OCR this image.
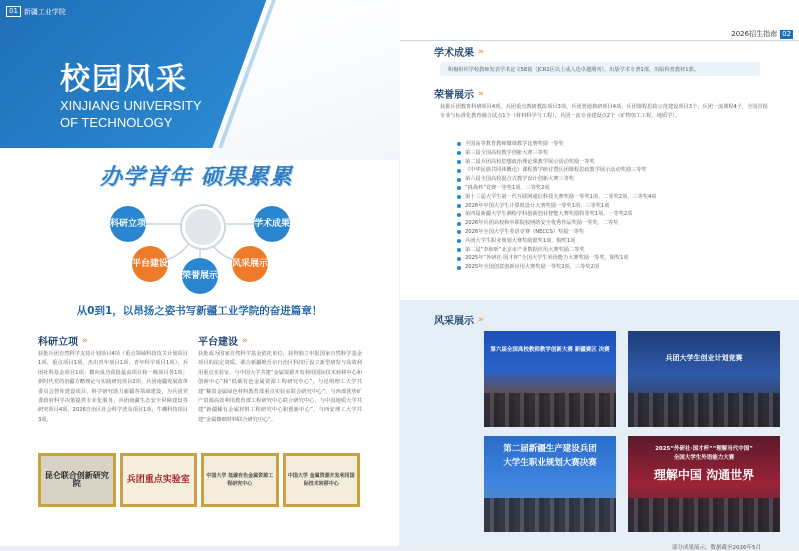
01 新疆工业学院
校园风采
XINJIANG UNIVERSITY
OF TECHNOLOGY
办学首年 硕果累累
科研立项	学术成果
平台建设
荣誉展示
风采展示
从0到1，以昂扬之姿书写新疆工业学院的奋进篇章！
科研立项 »
获批兵团自然科学支持计划项目4项（重点领域科技攻关计划项目1项、重点项目1项、杰出青年项目1项、青年科学项目1项）；兵团社科基金项目1项；横向成功获批最高项目和一级项目各1项；新时代党的治疆方略理论与实践研究项目2项；兵团南疆发展改革委员会智库建设项目，科学研究助力新疆各领域建设，为兵团党委政府科学决策提供专业化服务，兵团南疆生态安全屏障建设等研究项目4项，2026自治区社会科学普及项目1项，牛棚科技项目3项。
平台建设 »
获批成为国家自然科学基金依托单位，获得独立申报国家自然科学基金项目的法定资质。联合新疆维吾尔自治区科技厅设立新型研发与高效利用重点实验室，与中国大学共建“金属资源开发利用国际技术转移中心和创新中心”和“低碳有色金属资源工程研究中心”，与昆明理工大学共建“稀贵金属绿色材料教育部重点实验室联合研究中心”，与西部优势矿产资源高效利用教育部工程研究中心联合研究中心，与中国地质大学共建“新疆稀有金属材料工程研究中心和创新中心”，与西安理工大学共建“金属微细材料联合研究中心”。
昆仑联合创新研究院	兵团重点实验室	中国大学 低碳有色金属资源工程研究中心
中国大学 金属资源开发利用国际技术转移中心
2026招生指南 02
学术成果 »
积极组织学校教师发表学术论文58篇（JCR2区以上或入选卓越期刊），出版学术专著1部，出版科普教材1部。
荣誉展示 »
获批兵团教育科研项目4项，兵团重点教研教改项目3项，兵团普通教研项目4项，兵团课程思政示范建设项目3个，兵团一流课程4个，全国首批专业与标准化教育融合试点1个（材料科学与工程），兵团一流专业建设点2个（矿物加工工程、地质学）。
全国高等教育教师微课教学比赛奖励一等奖
第三届全国高校教学创新大赛三等奖
第二届兵团高校思想政治理论课教学展示活动奖励一等奖
《中华民族共同体概论》课程教学研讨暨兵团课程思政教学展示活动奖励三等奖
第六届全国高校混合式教学设计创新大赛三等奖
“挑战杯”竞赛一等奖1项、三等奖2项
第十三届大学生第一代互联网通信科技大赛奖励一等奖1项、二等奖2项、三等奖4项
2026年中国大学生计算机设计大赛奖励一等奖1项、三等奖1项
第四届新疆大学生测绘学科创新创业智能大赛奖励特等奖1项、一等奖2项
2026年兵团高校和中职院校网络安全优秀作品奖励一等奖、二等奖
2026年全国大学生英语竞赛（NECCS）奖励一等奖
兵团大学生职业规划大赛奖励银奖1项、铜奖1项
第二届“李和昕”北京市产业数据应用大赛奖励二等奖
2025年“外研社·国才杯”全国大学生外语能力大赛奖励一等奖、铜奖1项
2025年全国创意创新应用大赛奖励一等奖2项，三等奖2项
风采展示 »
第六届全国高校教师教学创新大赛 新疆赛区 决赛
兵团大学生创业计划竞赛
第二届新疆生产建设兵团
大学生职业规划大赛决赛
2025“外研社·国才杯”“理解当代中国”
全国大学生外语能力大赛
理解中国 沟通世界
部分成果展示，数据截至2026年5月
